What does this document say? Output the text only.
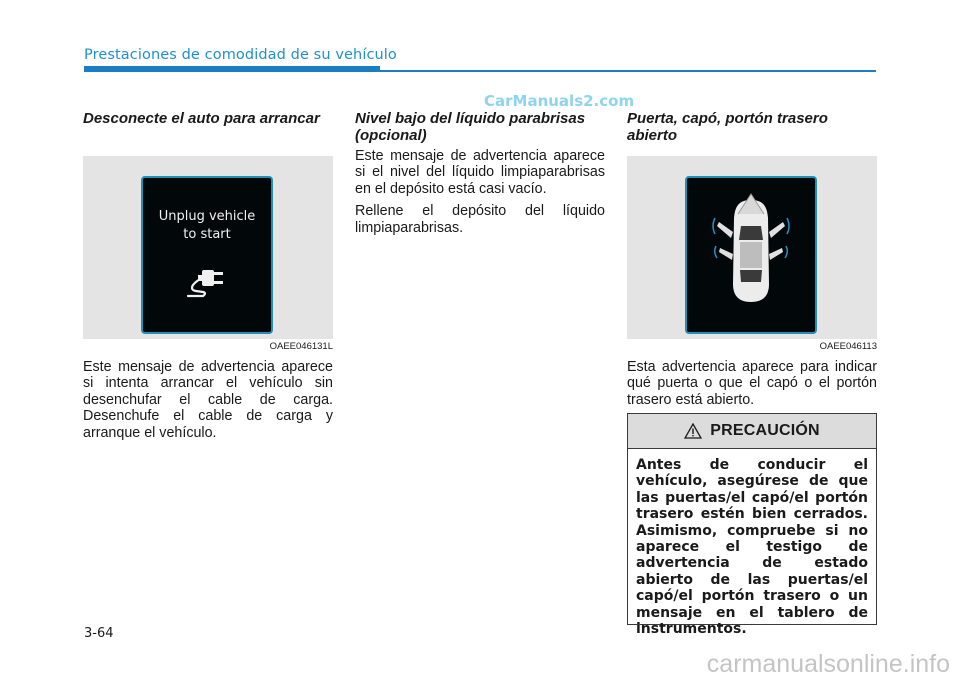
Prestaciones de comodidad de su vehículo
CarManuals2.com
Desconecte el auto para arrancar
Unplug vehicle
to start
OAEE046131L

Este mensaje de advertencia aparece si intenta arrancar el vehículo sin desenchufar el cable de carga. Desenchufe el cable de carga y arranque el vehículo.

Nivel bajo del líquido parabrisas (opcional)

Este mensaje de advertencia aparece si el nivel del líquido limpiaparabrisas en el depósito está casi vacío.

Rellene el depósito del líquido limpiaparabrisas.

Puerta, capó, portón trasero abierto
OAEE046113

Esta advertencia aparece para indicar qué puerta o que el capó o el portón trasero está abierto.

PRECAUCIÓN
Antes de conducir el vehículo, asegúrese de que las puertas/el capó/el portón trasero estén bien cerrados. Asimismo, compruebe si no aparece el testigo de advertencia de estado abierto de las puertas/el capó/el portón trasero o un mensaje en el tablero de instrumentos.
3-64
carmanualsonline.info
